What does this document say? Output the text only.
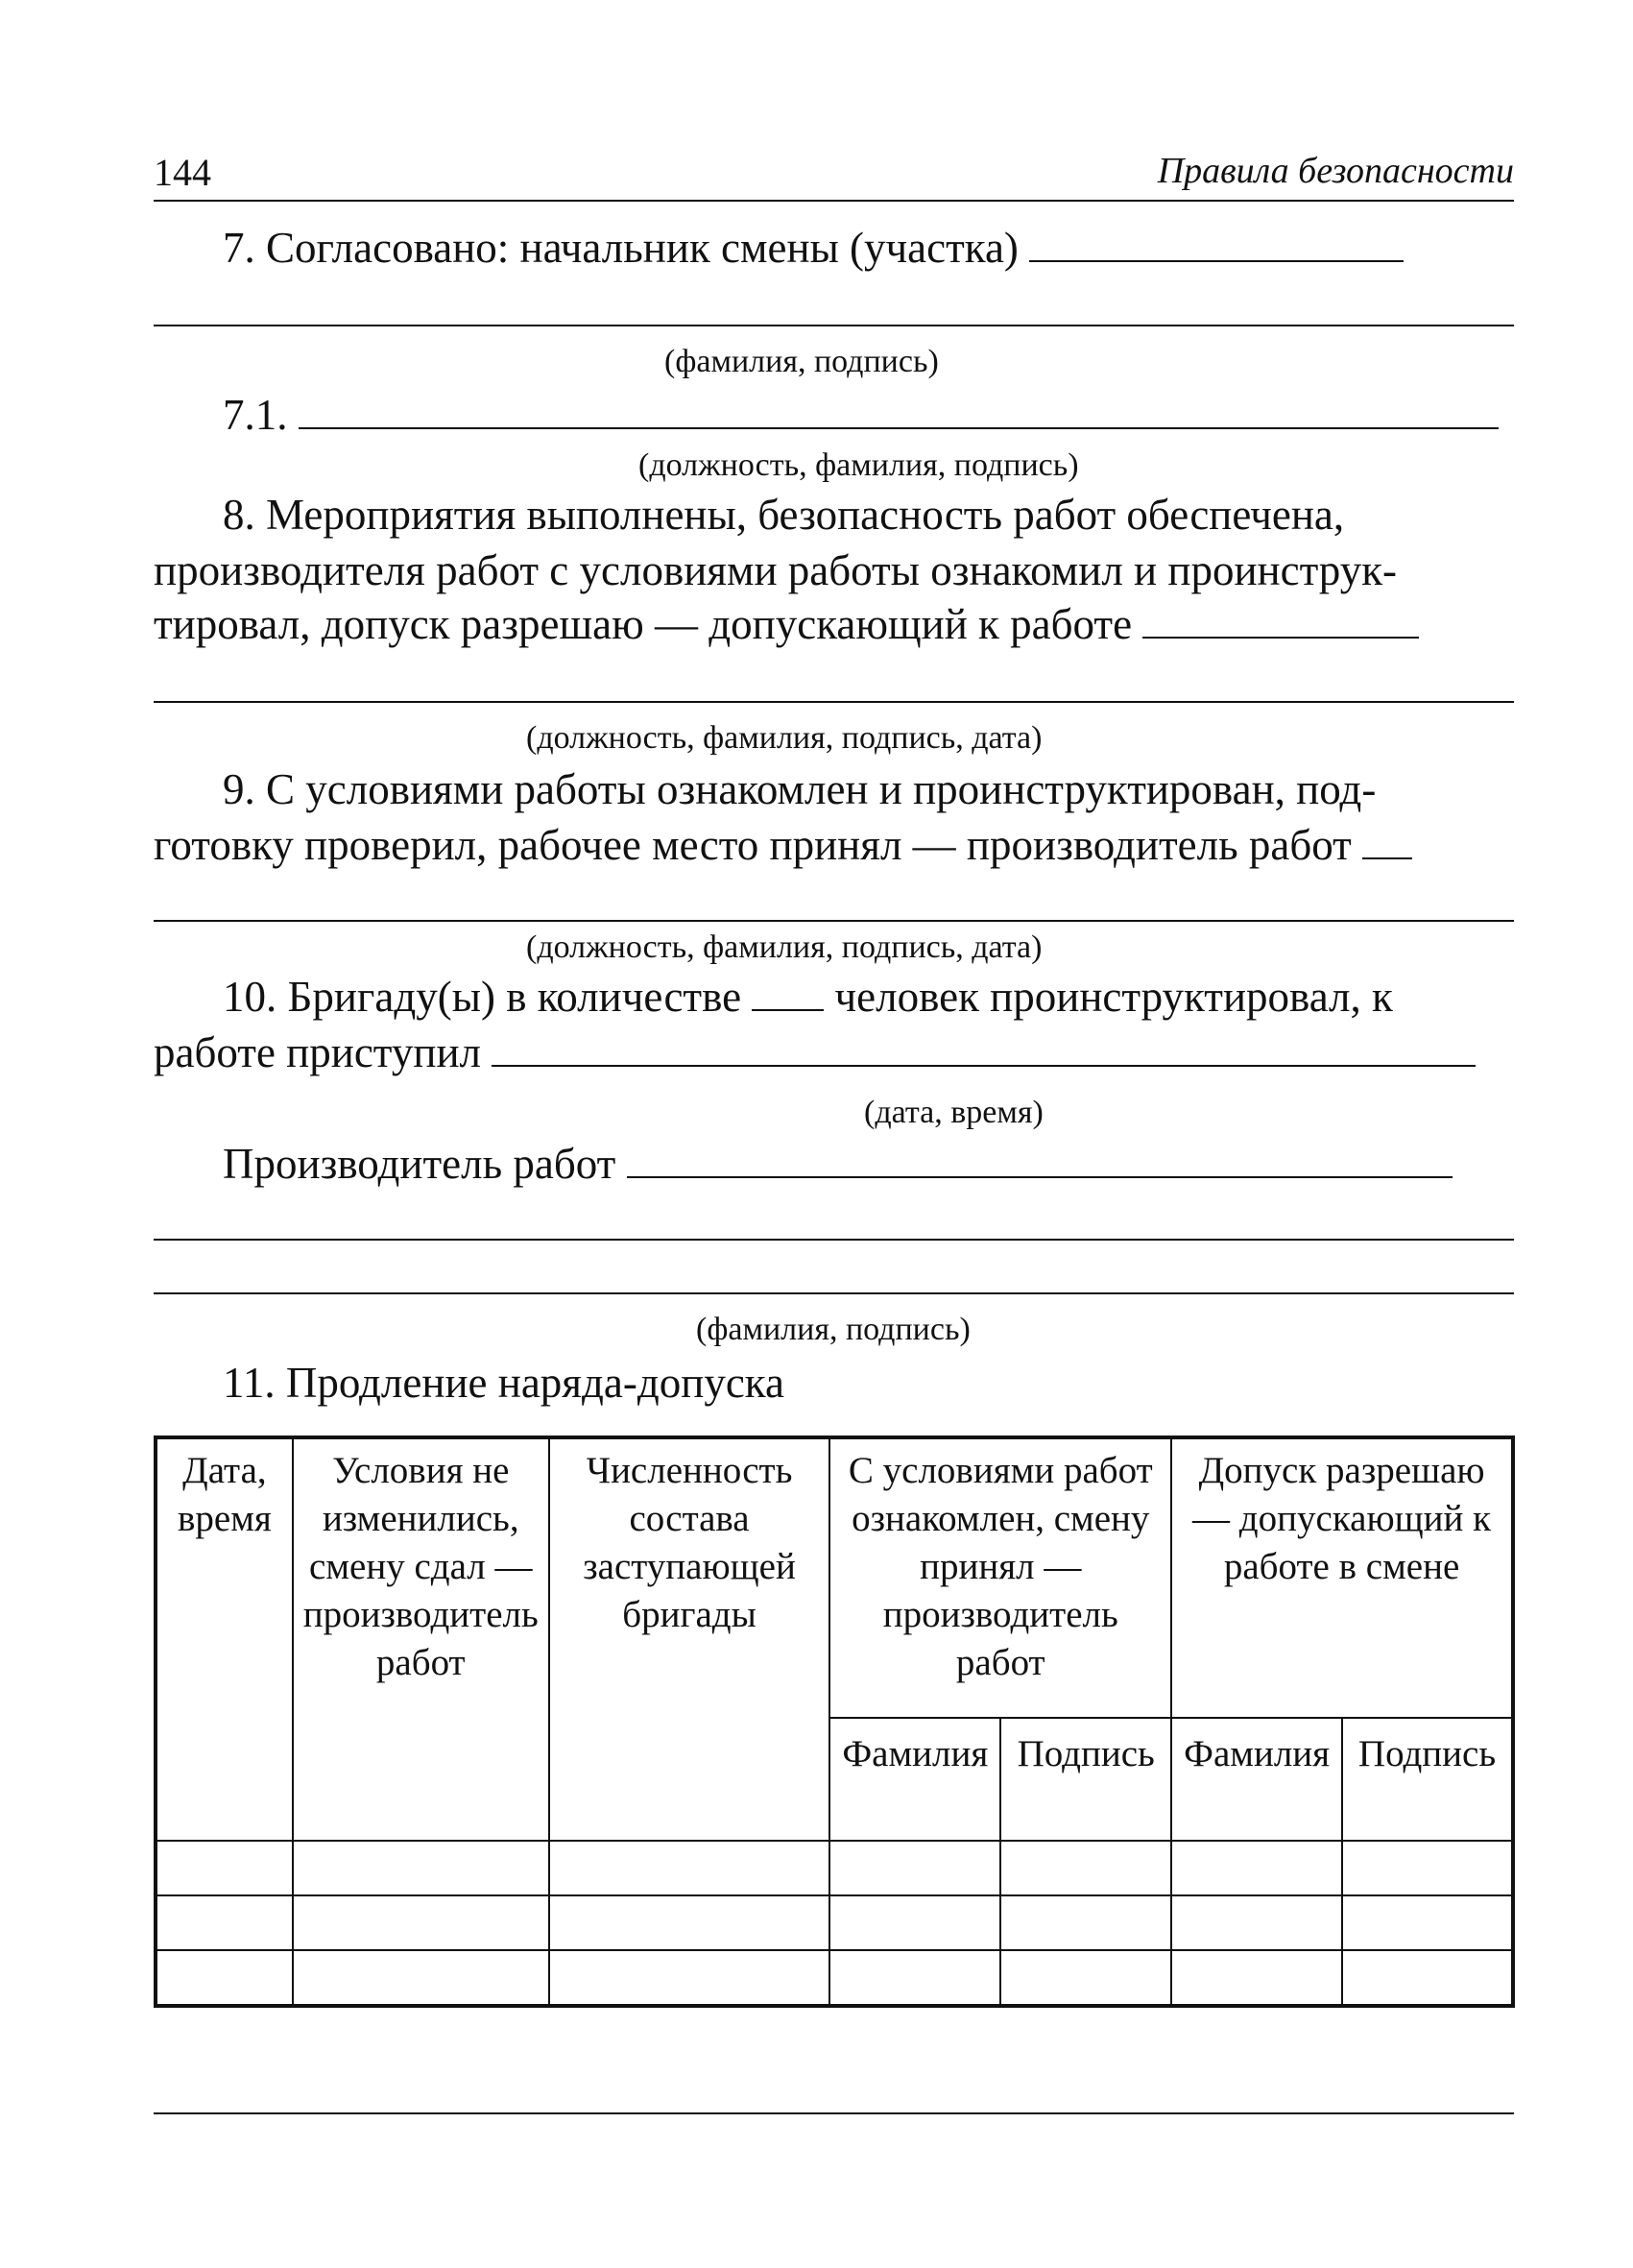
144	Правила безопасности
7. Согласовано: начальник смены (участка)
(фамилия, подпись)
7.1.
(должность, фамилия, подпись)
8. Мероприятия выполнены, безопасность работ обеспечена,
производителя работ с условиями работы ознакомил и проинструк-
тировал, допуск разрешаю — допускающий к работе
(должность, фамилия, подпись, дата)
9. С условиями работы ознакомлен и проинструктирован, под-
готовку проверил, рабочее место принял — производитель работ
(должность, фамилия, подпись, дата)
10. Бригаду(ы) в количестве человек проинструктировал, к
работе приступил
(дата, время)
Производитель работ
(фамилия, подпись)
11. Продление наряда-допуска
Дата, время	Условия не изменились, смену сдал — производитель работ	Численность состава заступающей бригады	С условиями работ ознакомлен, смену принял — производитель работ		Допуск разрешаю — допускающий к работе в смене	
			Фамилия	Подпись	Фамилия	Подпись
